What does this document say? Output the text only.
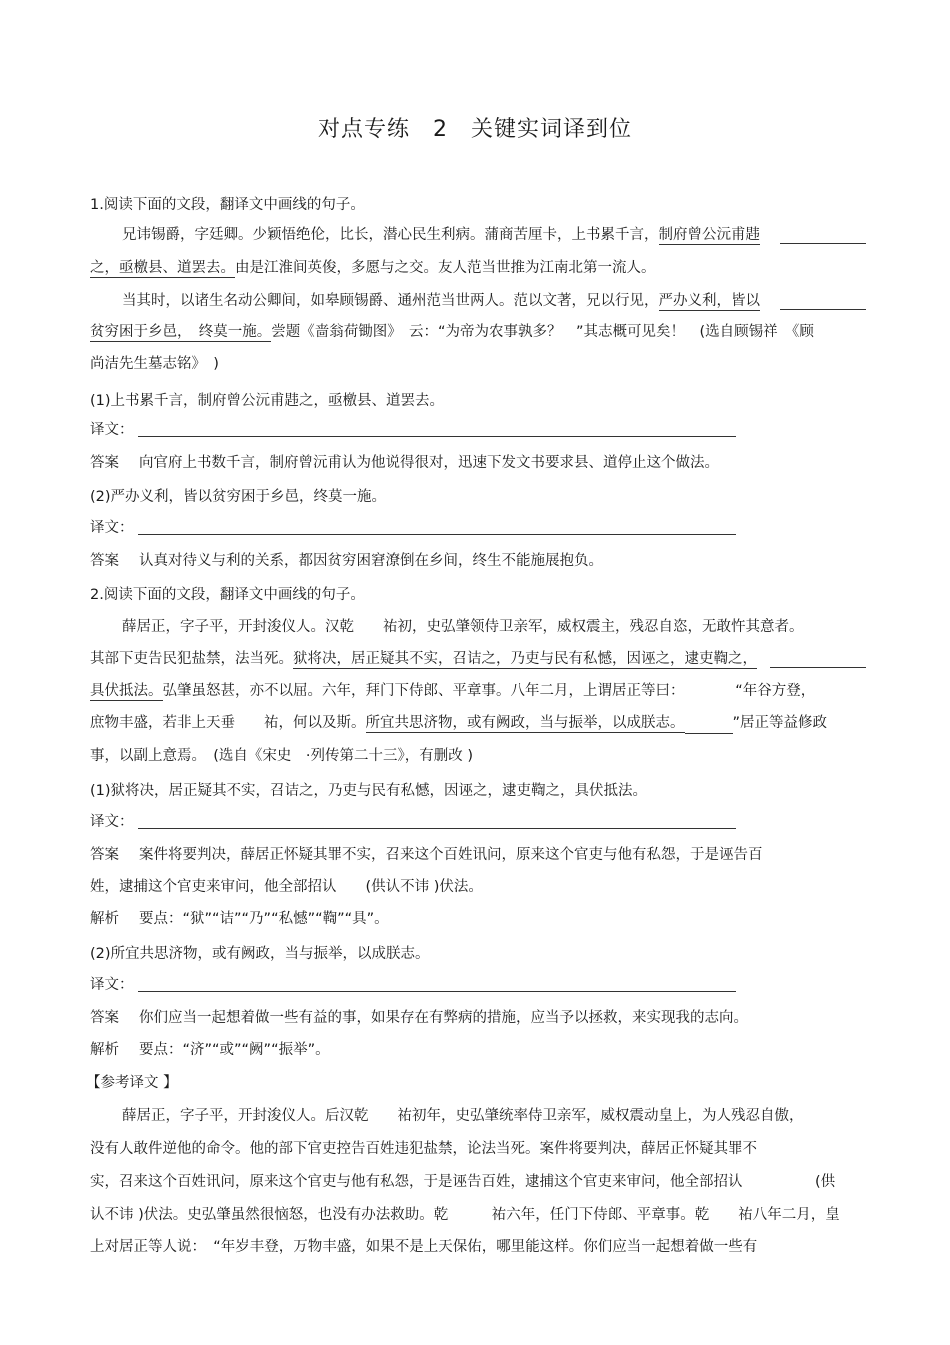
对点专练　2　关键实词译到位
1.阅读下面的文段，翻译文中画线的句子。
兄讳锡爵，字廷卿。少颖悟绝伦，比长，潜心民生利病。蒲商苦厘卡，上书累千言，制府曾公沅甫韪
之，亟檄县、道罢去。由是江淮间英俊，多愿与之交。友人范当世推为江南北第一流人。
当其时，以诸生名动公卿间，如皋顾锡爵、通州范当世两人。范以文著，兄以行见，严办义利，皆以
贫穷困于乡邑，　终莫一施。尝题《啬翁荷锄图》　云：“为帝为农事孰多？　”其志概可见矣！　(选自顾锡祥　《顾
尚洁先生墓志铭》　)
(1)上书累千言，制府曾公沅甫韪之，亟檄县、道罢去。
译文：
答案 向官府上书数千言，制府曾沅甫认为他说得很对，迅速下发文书要求县、道停止这个做法。
(2)严办义利，皆以贫穷困于乡邑，终莫一施。
译文：
答案 认真对待义与利的关系，都因贫穷困窘潦倒在乡间，终生不能施展抱负。
2.阅读下面的文段，翻译文中画线的句子。
薛居正，字子平，开封浚仪人。汉乾　　祐初，史弘肇领侍卫亲军，威权震主，残忍自恣，无敢忤其意者。
其部下吏告民犯盐禁，法当死。狱将决，居正疑其不实，召诘之，乃吏与民有私憾，因诬之，逮吏鞫之，
具伏抵法。弘肇虽怒甚，亦不以屈。六年，拜门下侍郎、平章事。八年二月，上谓居正等曰：　　　　“年谷方登，
庶物丰盛，若非上天垂　　祐，何以及斯。所宜共思济物，或有阙政，当与振举，以成朕志。	”居正等益修政
事，以副上意焉。　(选自《宋史　·列传第二十三》，有删改 )
(1)狱将决，居正疑其不实，召诘之，乃吏与民有私憾，因诬之，逮吏鞫之，具伏抵法。
译文：
答案 案件将要判决，薛居正怀疑其罪不实，召来这个百姓讯问，原来这个官吏与他有私怨，于是诬告百
姓，逮捕这个官吏来审问，他全部招认　　(供认不讳 )伏法。
解析 要点：“狱”“诘”“乃”“私憾”“鞫”“具”。
(2)所宜共思济物，或有阙政，当与振举，以成朕志。
译文：
答案 你们应当一起想着做一些有益的事，如果存在有弊病的措施，应当予以拯救，来实现我的志向。
解析 要点：“济”“或”“阙”“振举”。
【参考译文 】
薛居正，字子平，开封浚仪人。后汉乾　　祐初年，史弘肇统率侍卫亲军，威权震动皇上，为人残忍自傲，
没有人敢件逆他的命令。他的部下官吏控告百姓违犯盐禁，论法当死。案件将要判决，薛居正怀疑其罪不
实，召来这个百姓讯问，原来这个官吏与他有私怨，于是诬告百姓，逮捕这个官吏来审问，他全部招认　　　　　(供
认不讳 )伏法。史弘肇虽然很恼怒，也没有办法救助。乾　　　祐六年，任门下侍郎、平章事。乾　　祐八年二月，皇
上对居正等人说：　“年岁丰登，万物丰盛，如果不是上天保佑，哪里能这样。你们应当一起想着做一些有
